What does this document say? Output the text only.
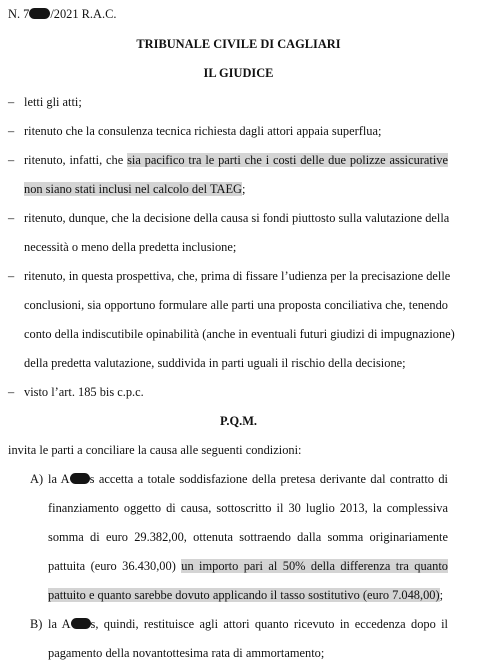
N. 7 /2021 R.A.C.
TRIBUNALE CIVILE DI CAGLIARI
IL GIUDICE
– letti gli atti;
– ritenuto che la consulenza tecnica richiesta dagli attori appaia superflua;
– ritenuto, infatti, che sia pacifico tra le parti che i costi delle due polizze assicurative
non siano stati inclusi nel calcolo del TAEG;
– ritenuto, dunque, che la decisione della causa si fondi piuttosto sulla valutazione della
necessità o meno della predetta inclusione;
– ritenuto, in questa prospettiva, che, prima di fissare l’udienza per la precisazione delle
conclusioni, sia opportuno formulare alle parti una proposta conciliativa che, tenendo
conto della indiscutibile opinabilità (anche in eventuali futuri giudizi di impugnazione)
della predetta valutazione, suddivida in parti uguali il rischio della decisione;
– visto l’art. 185 bis c.p.c.
P.Q.M.
invita le parti a conciliare la causa alle seguenti condizioni:
A) la A s accetta a totale soddisfazione della pretesa derivante dal contratto di
finanziamento oggetto di causa, sottoscritto il 30 luglio 2013, la complessiva
somma di euro 29.382,00, ottenuta sottraendo dalla somma originariamente
pattuita (euro 36.430,00) un importo pari al 50% della differenza tra quanto
pattuito e quanto sarebbe dovuto applicando il tasso sostitutivo (euro 7.048,00);
B) la A s, quindi, restituisce agli attori quanto ricevuto in eccedenza dopo il
pagamento della novantottesima rata di ammortamento;
